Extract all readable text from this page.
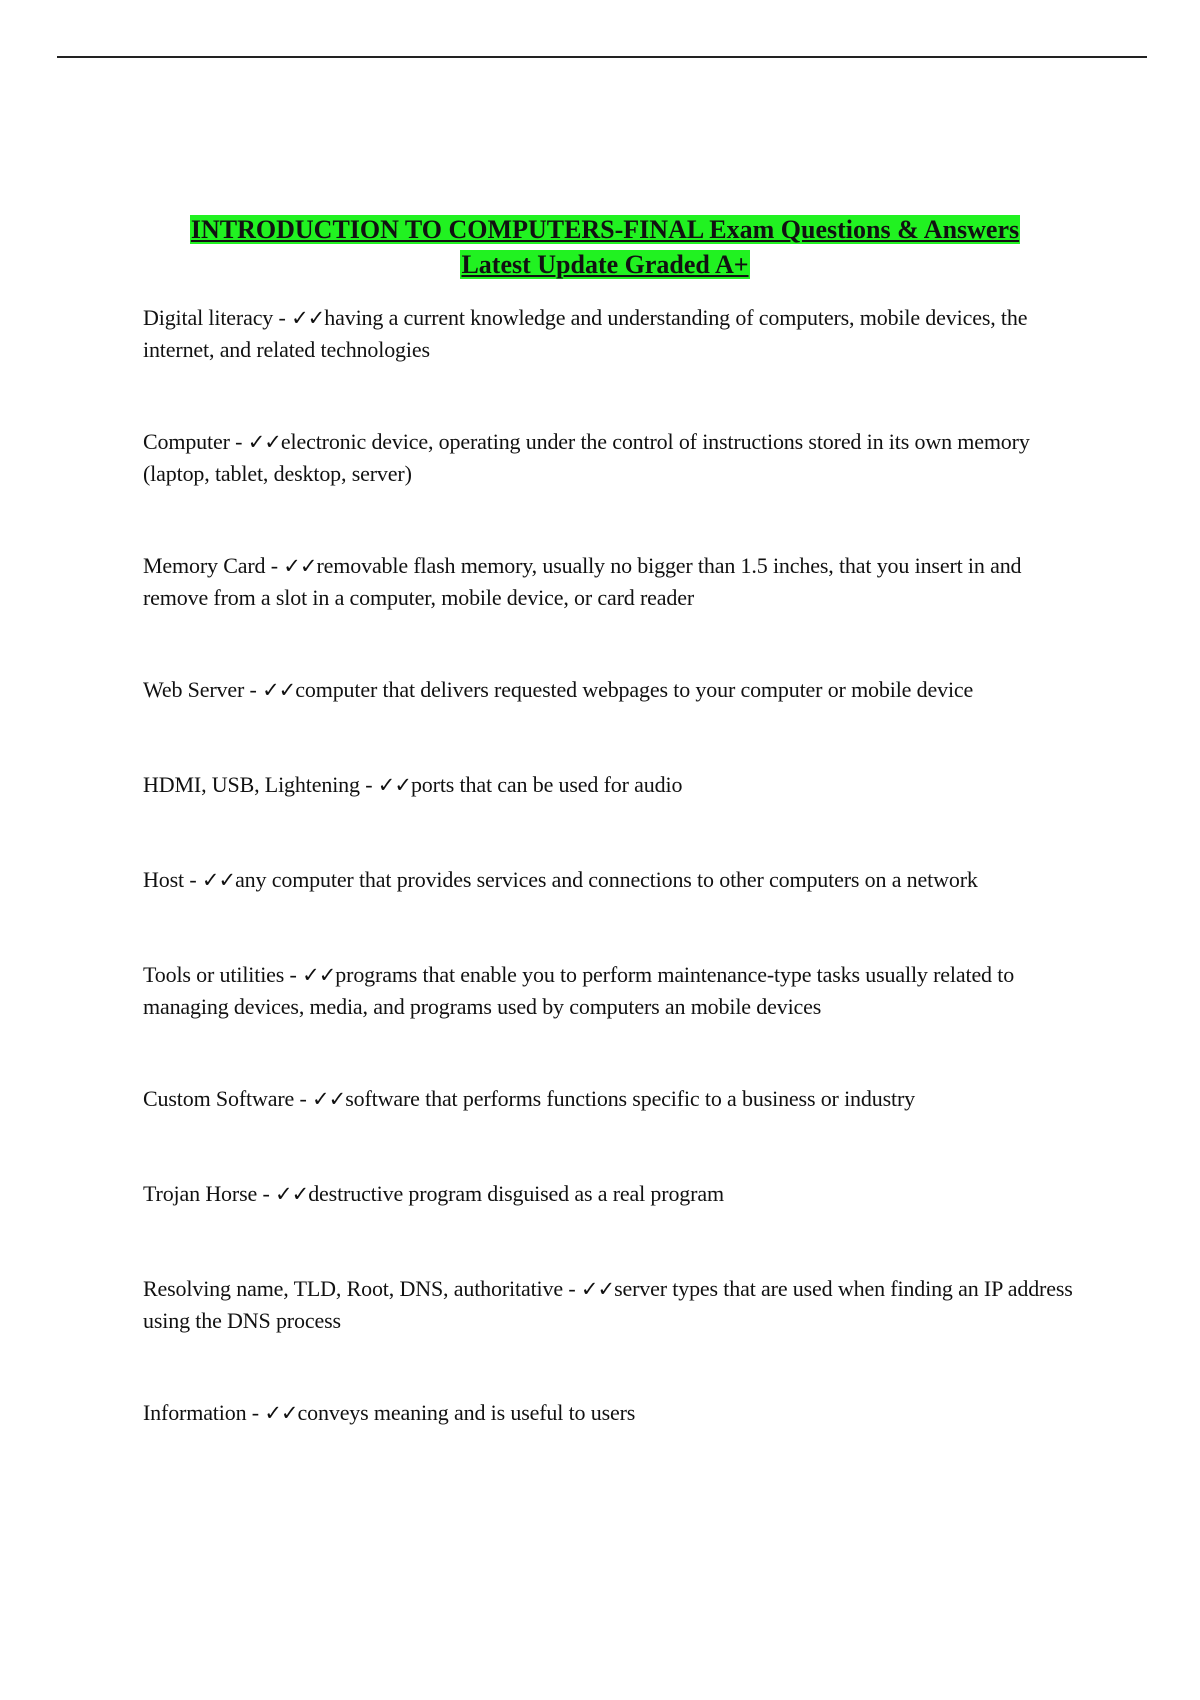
INTRODUCTION TO COMPUTERS-FINAL Exam Questions & Answers
Latest Update Graded A+
Digital literacy - ✓✓having a current knowledge and understanding of computers, mobile devices, the internet, and related technologies
Computer - ✓✓electronic device, operating under the control of instructions stored in its own memory (laptop, tablet, desktop, server)
Memory Card - ✓✓removable flash memory, usually no bigger than 1.5 inches, that you insert in and remove from a slot in a computer, mobile device, or card reader
Web Server - ✓✓computer that delivers requested webpages to your computer or mobile device
HDMI, USB, Lightening - ✓✓ports that can be used for audio
Host - ✓✓any computer that provides services and connections to other computers on a network
Tools or utilities - ✓✓programs that enable you to perform maintenance-type tasks usually related to managing devices, media, and programs used by computers an mobile devices
Custom Software - ✓✓software that performs functions specific to a business or industry
Trojan Horse - ✓✓destructive program disguised as a real program
Resolving name, TLD, Root, DNS, authoritative - ✓✓server types that are used when finding an IP address using the DNS process
Information - ✓✓conveys meaning and is useful to users
